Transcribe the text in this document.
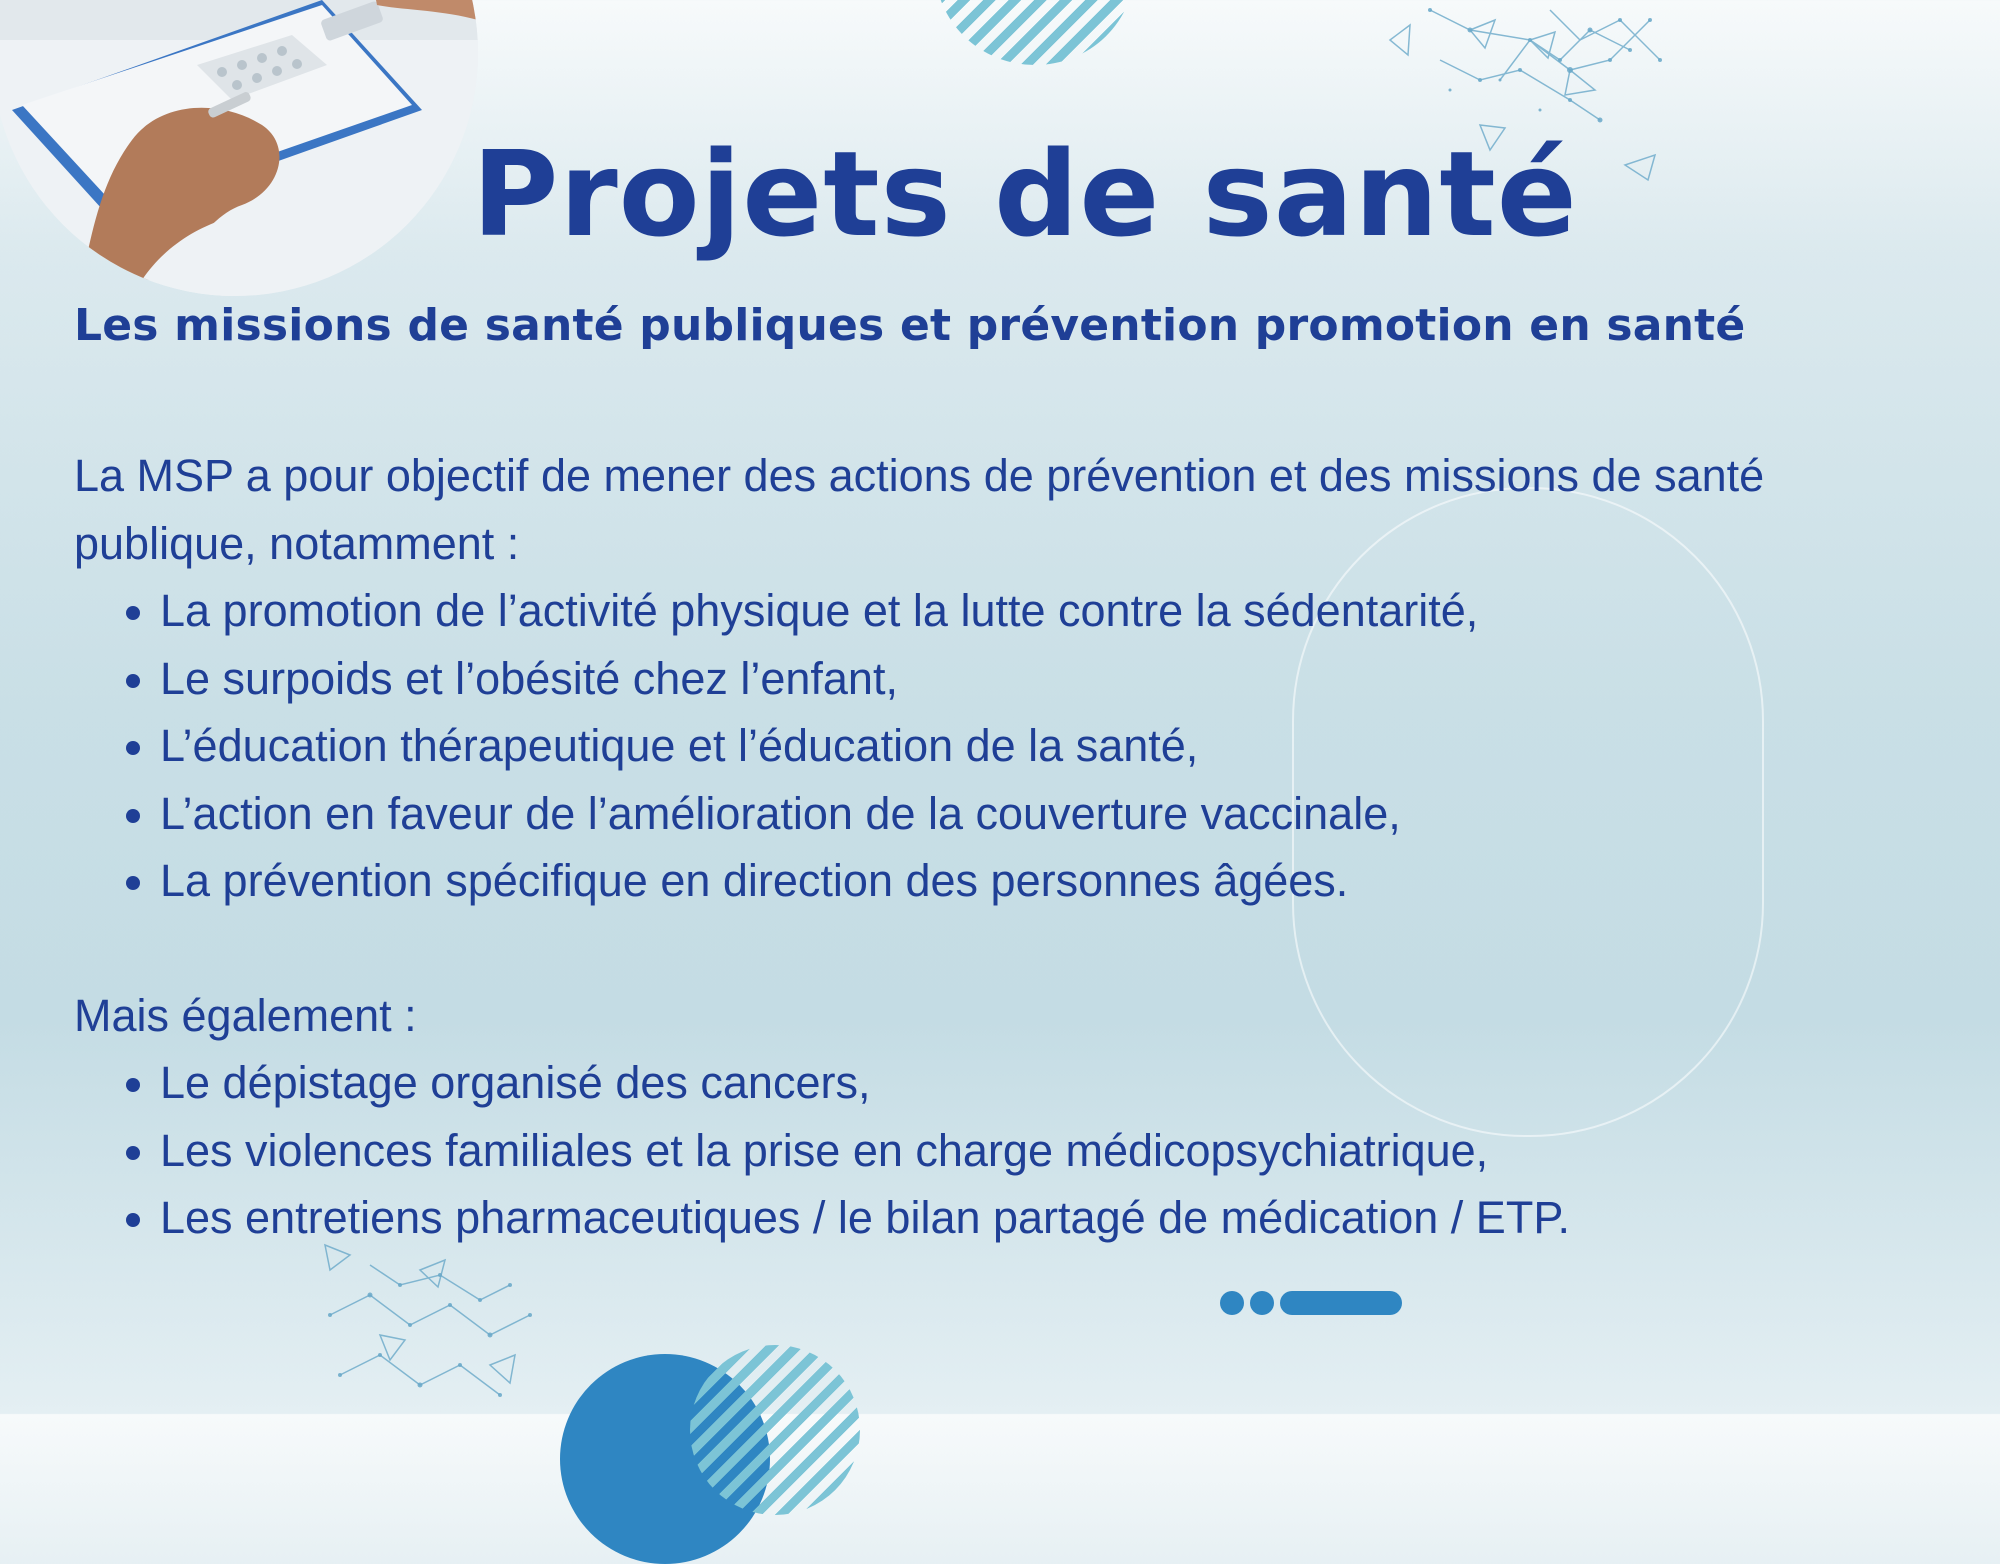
Projets de santé
Les missions de santé publiques et prévention promotion en santé

La MSP a pour objectif de mener des actions de prévention et des missions de santé publique, notamment :

• La promotion de l’activité physique et la lutte contre la sédentarité,
• Le surpoids et l’obésité chez l’enfant,
• L’éducation thérapeutique et l’éducation de la santé,
• L’action en faveur de l’amélioration de la couverture vaccinale,
• La prévention spécifique en direction des personnes âgées.

Mais également :

• Le dépistage organisé des cancers,
• Les violences familiales et la prise en charge médicopsychiatrique,
• Les entretiens pharmaceutiques / le bilan partagé de médication / ETP.
